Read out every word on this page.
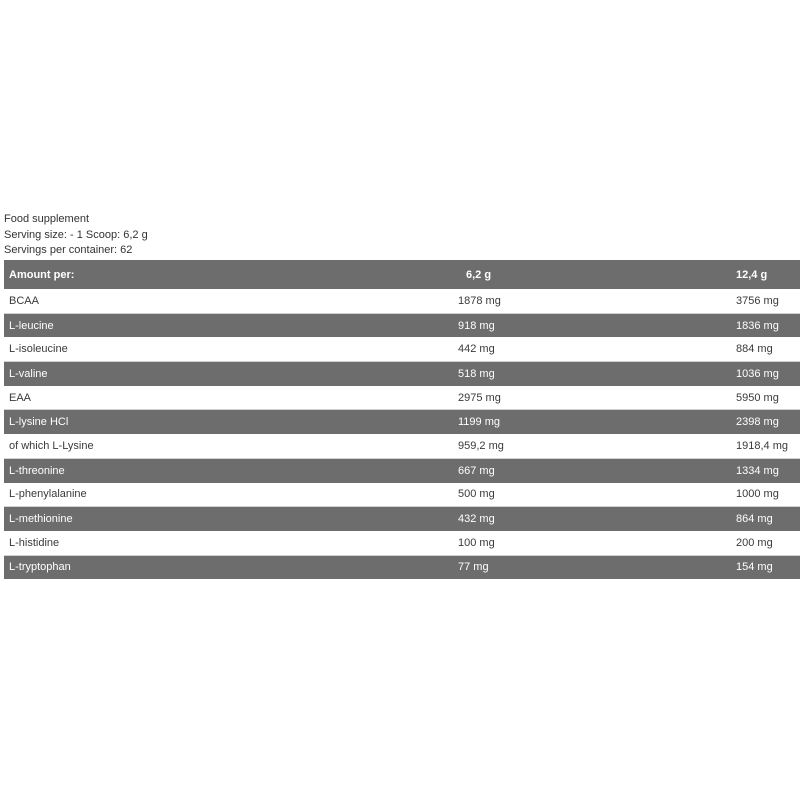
Food supplement
Serving size: - 1 Scoop: 6,2 g
Servings per container: 62
Amount per:	6,2 g	12,4 g
BCAA	1878 mg	3756 mg
L-leucine	918 mg	1836 mg
L-isoleucine	442 mg	884 mg
L-valine	518 mg	1036 mg
EAA	2975 mg	5950 mg
L-lysine HCl	1199 mg	2398 mg
of which L-Lysine	959,2 mg	1918,4 mg
L-threonine	667 mg	1334 mg
L-phenylalanine	500 mg	1000 mg
L-methionine	432 mg	864 mg
L-histidine	100 mg	200 mg
L-tryptophan	77 mg	154 mg
